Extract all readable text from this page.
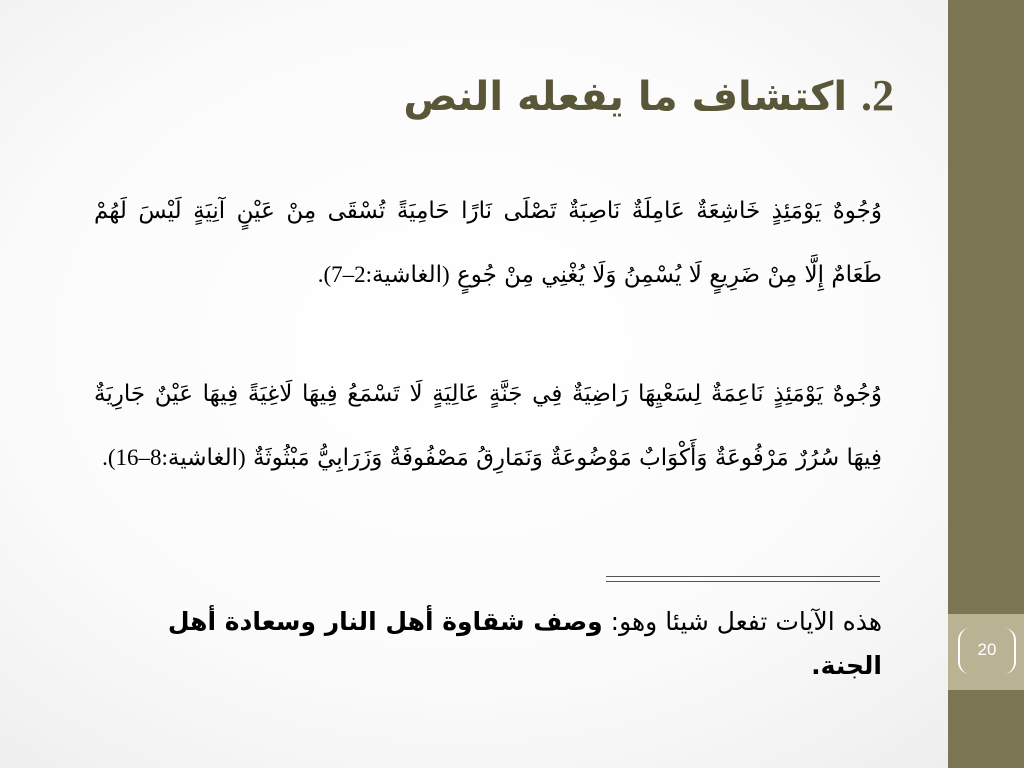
20
2. اكتشاف ما يفعله النص
وُجُوهٌ يَوْمَئِذٍ خَاشِعَةٌ عَامِلَةٌ نَاصِبَةٌ تَصْلَى نَارًا حَامِيَةً تُسْقَى مِنْ عَيْنٍ آنِيَةٍ لَيْسَ لَهُمْ طَعَامٌ إِلَّا مِنْ ضَرِيعٍ لَا يُسْمِنُ وَلَا يُغْنِي مِنْ جُوعٍ (الغاشية:2–7).
وُجُوهٌ يَوْمَئِذٍ نَاعِمَةٌ لِسَعْيِهَا رَاضِيَةٌ فِي جَنَّةٍ عَالِيَةٍ لَا تَسْمَعُ فِيهَا لَاغِيَةً فِيهَا عَيْنٌ جَارِيَةٌ فِيهَا سُرُرٌ مَرْفُوعَةٌ وَأَكْوَابٌ مَوْضُوعَةٌ وَنَمَارِقُ مَصْفُوفَةٌ وَزَرَابِيُّ مَبْثُوثَةٌ (الغاشية:8–16).
هذه الآيات تفعل شيئا وهو: وصف شقاوة أهل النار وسعادة أهل الجنة.
